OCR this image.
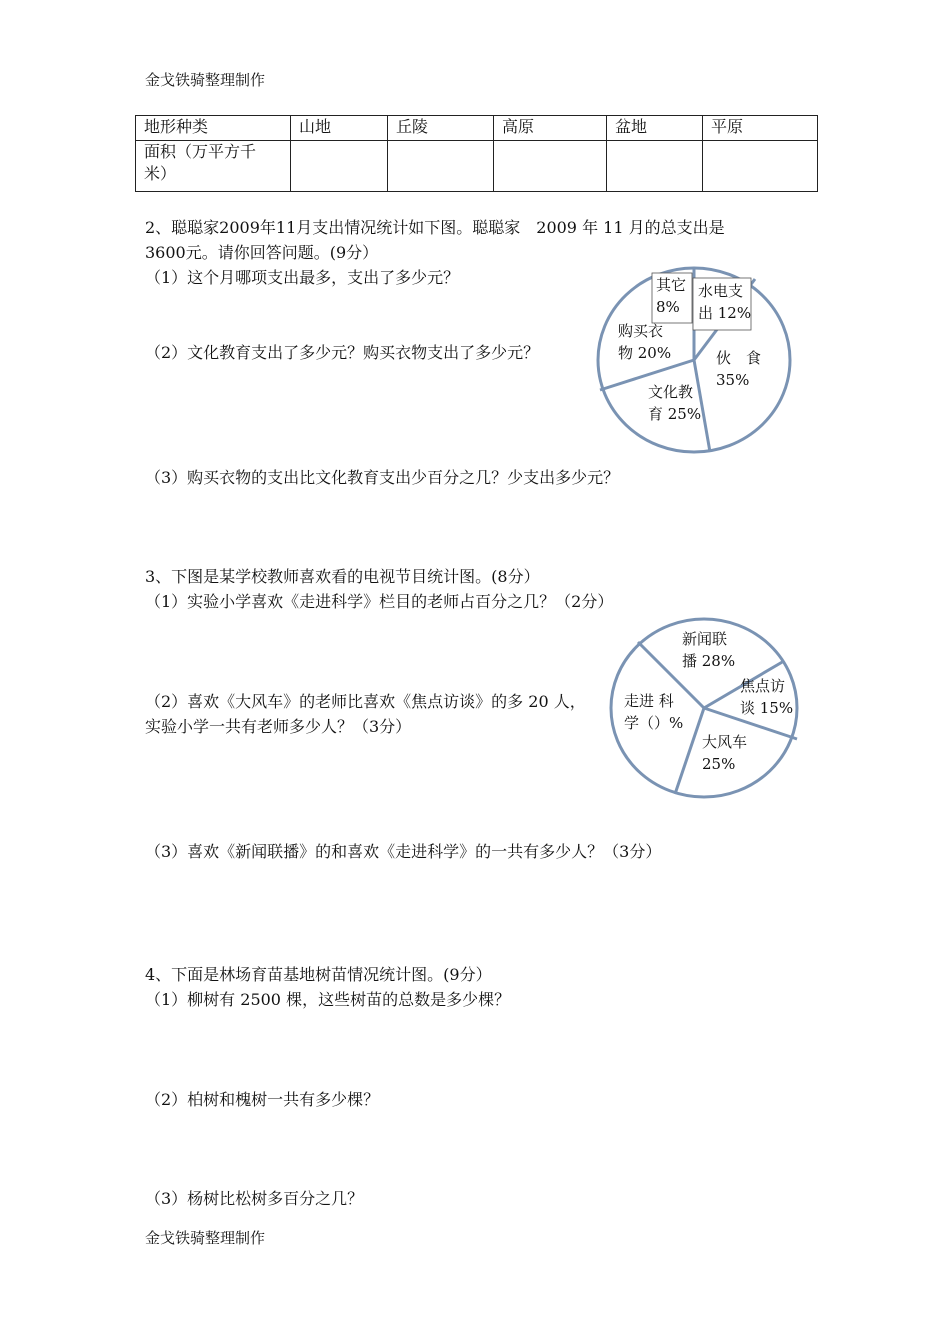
金戈铁骑整理制作
地形种类	山地	丘陵	高原	盆地	平原

面积（万平方千
米）					

2、聪聪家2009年11月支出情况统计如下图。聪聪家　2009 年 11 月的总支出是
3600元。请你回答问题。(9分）
（1）这个月哪项支出最多，支出了多少元？
（2）文化教育支出了多少元？购买衣物支出了多少元？
（3）购买衣物的支出比文化教育支出少百分之几？少支出多少元？
水电支
出 12%
伙　食
35%
文化教
育 25%
购买衣
物 20%
其它
8%
3、下图是某学校教师喜欢看的电视节目统计图。(8分）
（1）实验小学喜欢《走进科学》栏目的老师占百分之几？（2分）
（2）喜欢《大风车》的老师比喜欢《焦点访谈》的多 20 人，
实验小学一共有老师多少人？（3分）
（3）喜欢《新闻联播》的和喜欢《走进科学》的一共有多少人？（3分）
新闻联
播 28%
焦点访
谈 15%
大风车
25%
走进 科
学（）%
4、下面是林场育苗基地树苗情况统计图。(9分）
（1）柳树有 2500 棵，这些树苗的总数是多少棵？
（2）柏树和槐树一共有多少棵？
（3）杨树比松树多百分之几？
金戈铁骑整理制作
